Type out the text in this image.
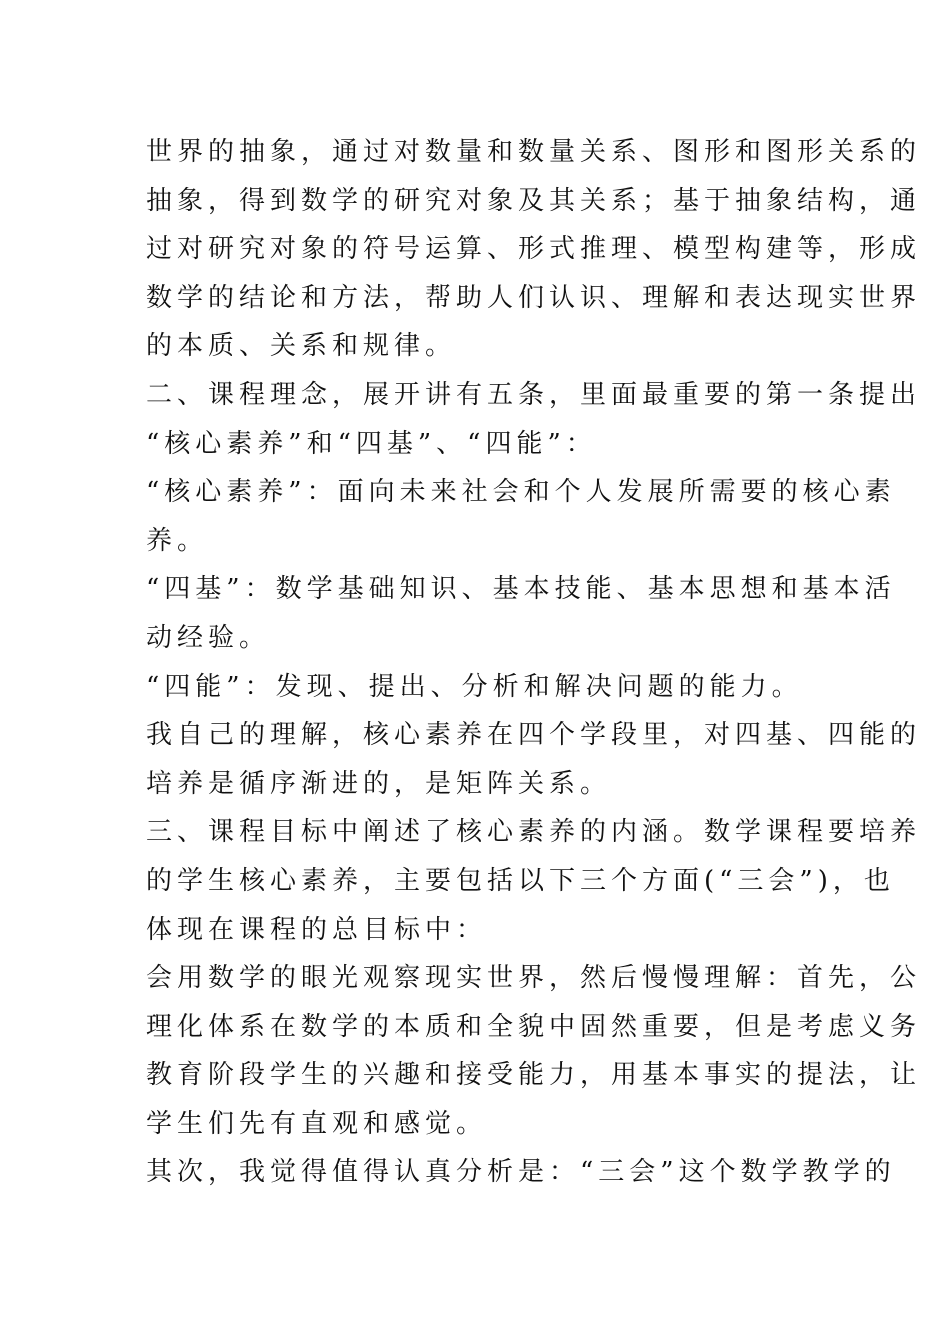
世界的抽象，通过对数量和数量关系、图形和图形关系的
抽象，得到数学的研究对象及其关系；基于抽象结构，通
过对研究对象的符号运算、形式推理、模型构建等，形成
数学的结论和方法，帮助人们认识、理解和表达现实世界
的本质、关系和规律。

二、课程理念，展开讲有五条，里面最重要的第一条提出
“核心素养”和“四基”、“四能”：

“核心素养”：面向未来社会和个人发展所需要的核心素
养。

“四基”：数学基础知识、基本技能、基本思想和基本活
动经验。

“四能”：发现、提出、分析和解决问题的能力。

我自己的理解，核心素养在四个学段里，对四基、四能的
培养是循序渐进的，是矩阵关系。

三、课程目标中阐述了核心素养的内涵。数学课程要培养
的学生核心素养，主要包括以下三个方面(“三会”)，也
体现在课程的总目标中：

会用数学的眼光观察现实世界，然后慢慢理解：首先，公
理化体系在数学的本质和全貌中固然重要，但是考虑义务
教育阶段学生的兴趣和接受能力，用基本事实的提法，让
学生们先有直观和感觉。

其次，我觉得值得认真分析是：“三会”这个数学教学的
